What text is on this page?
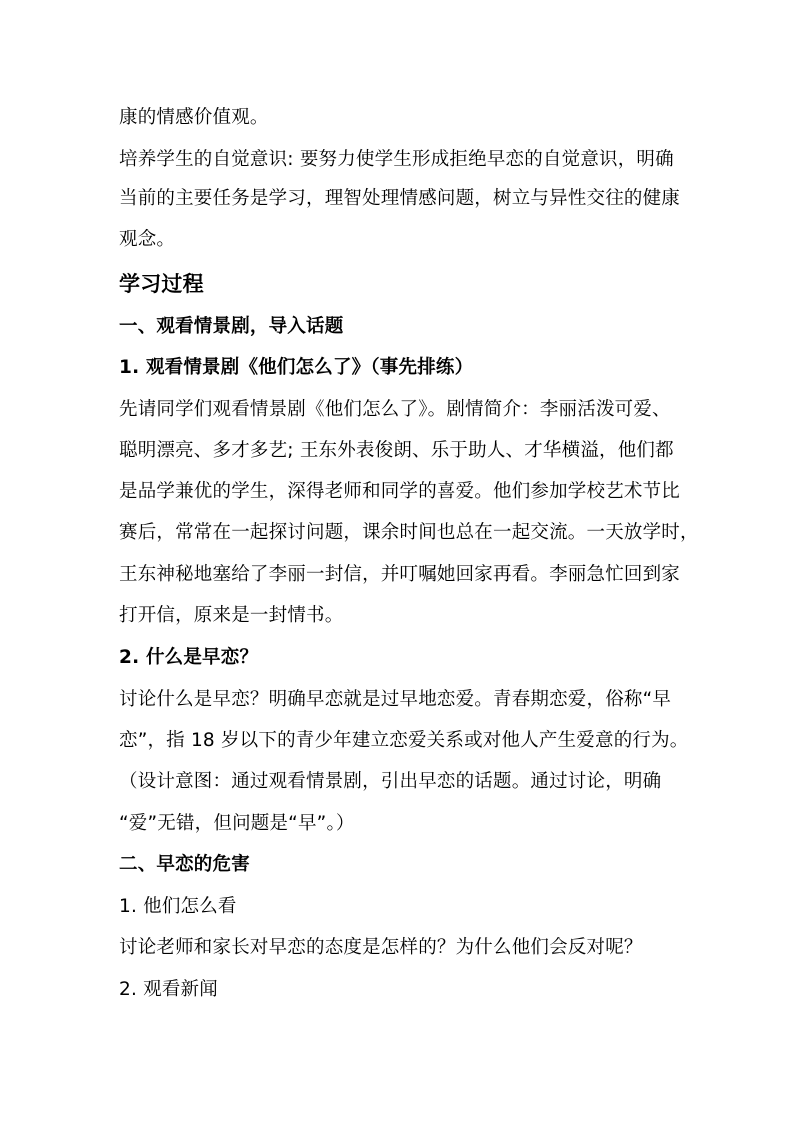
康的情感价值观。
培养学生的自觉意识: 要努力使学生形成拒绝早恋的自觉意识，明确
当前的主要任务是学习，理智处理情感问题，树立与异性交往的健康
观念。
学习过程
一、观看情景剧，导入话题
1. 观看情景剧《他们怎么了》（事先排练）
先请同学们观看情景剧《他们怎么了》。剧情简介：李丽活泼可爱、
聪明漂亮、多才多艺; 王东外表俊朗、乐于助人、才华横溢，他们都
是品学兼优的学生，深得老师和同学的喜爱。他们参加学校艺术节比
赛后，常常在一起探讨问题，课余时间也总在一起交流。一天放学时，
王东神秘地塞给了李丽一封信，并叮嘱她回家再看。李丽急忙回到家
打开信，原来是一封情书。
2. 什么是早恋？
讨论什么是早恋？明确早恋就是过早地恋爱。青春期恋爱，俗称“早
恋”，指 18 岁以下的青少年建立恋爱关系或对他人产生爱意的行为。
（设计意图：通过观看情景剧，引出早恋的话题。通过讨论，明确
“爱”无错，但问题是“早”。）
二、早恋的危害
1. 他们怎么看
讨论老师和家长对早恋的态度是怎样的？为什么他们会反对呢？
2. 观看新闻
